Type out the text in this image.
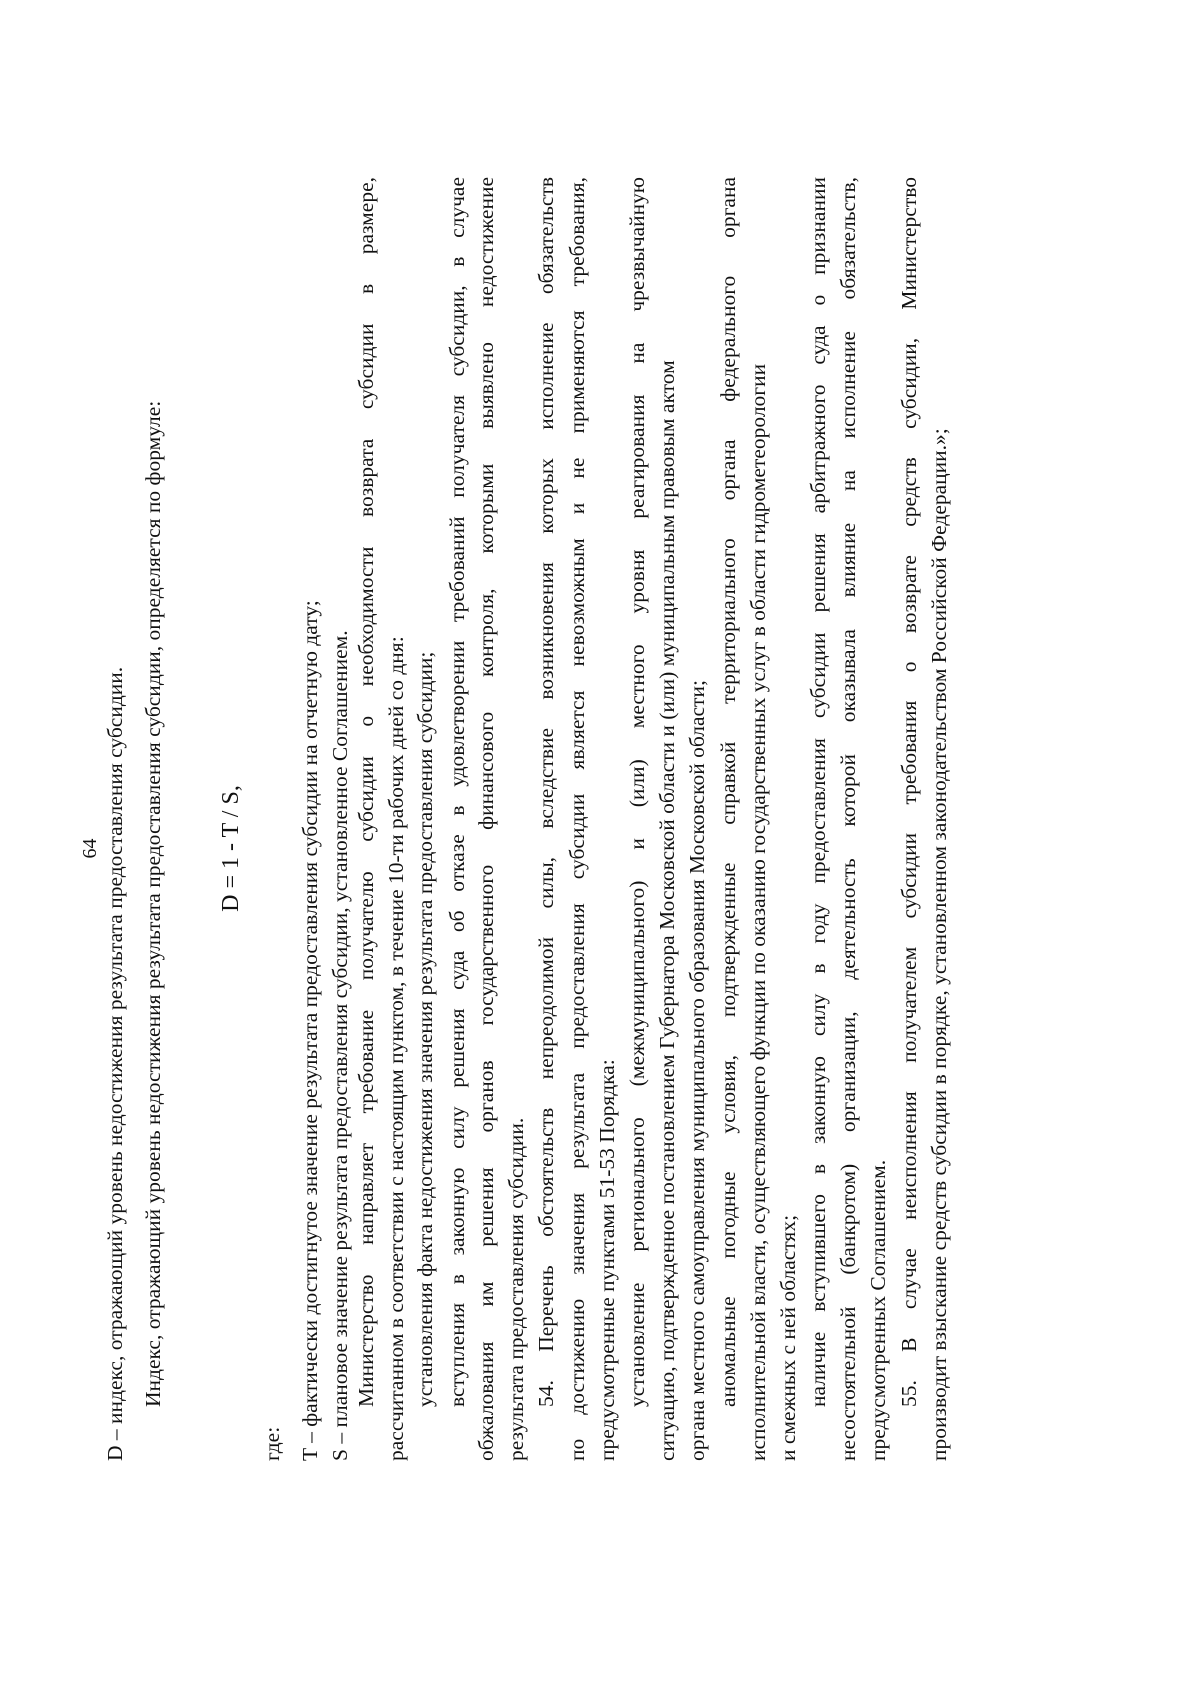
64 D – индекс, отражающий уровень недостижения результата предоставления субсидии. Индекс, отражающий уровень недостижения результата предоставления субсидии, определяется по формуле: D = 1 - T / S,
где: T – фактически достигнутое значение результата предоставления субсидии на отчетную дату; S – плановое значение результата предоставления субсидии, установленное Соглашением. Министерство направляет требование получателю субсидии о необходимости возврата субсидии в размере, рассчитанном в соответствии с настоящим пунктом, в течение 10-ти рабочих дней со дня: установления факта недостижения значения результата предоставления субсидии; вступления в законную силу решения суда об отказе в удовлетворении требований получателя субсидии, в случае обжалования им решения органов государственного финансового контроля, которыми выявлено недостижение результата предоставления субсидии. 54. Перечень обстоятельств непреодолимой силы, вследствие возникновения которых исполнение обязательств по достижению значения результата предоставления субсидии является невозможным и не применяются требования, предусмотренные пунктами 51-53 Порядка: установление регионального (межмуниципального) и (или) местного уровня реагирования на чрезвычайную ситуацию, подтвержденное постановлением Губернатора Московской области и (или) муниципальным правовым актом органа местного самоуправления муниципального образования Московской области; аномальные погодные условия, подтвержденные справкой территориального органа федерального органа исполнительной власти, осуществляющего функции по оказанию государственных услуг в области гидрометеорологии и смежных с ней областях; наличие вступившего в законную силу в году предоставления субсидии решения арбитражного суда о признании несостоятельной (банкротом) организации, деятельность которой оказывала влияние на исполнение обязательств, предусмотренных Соглашением. 55. В случае неисполнения получателем субсидии требования о возврате средств субсидии, Министерство производит взыскание средств субсидии в порядке, установленном законодательством Российской Федерации.»;
